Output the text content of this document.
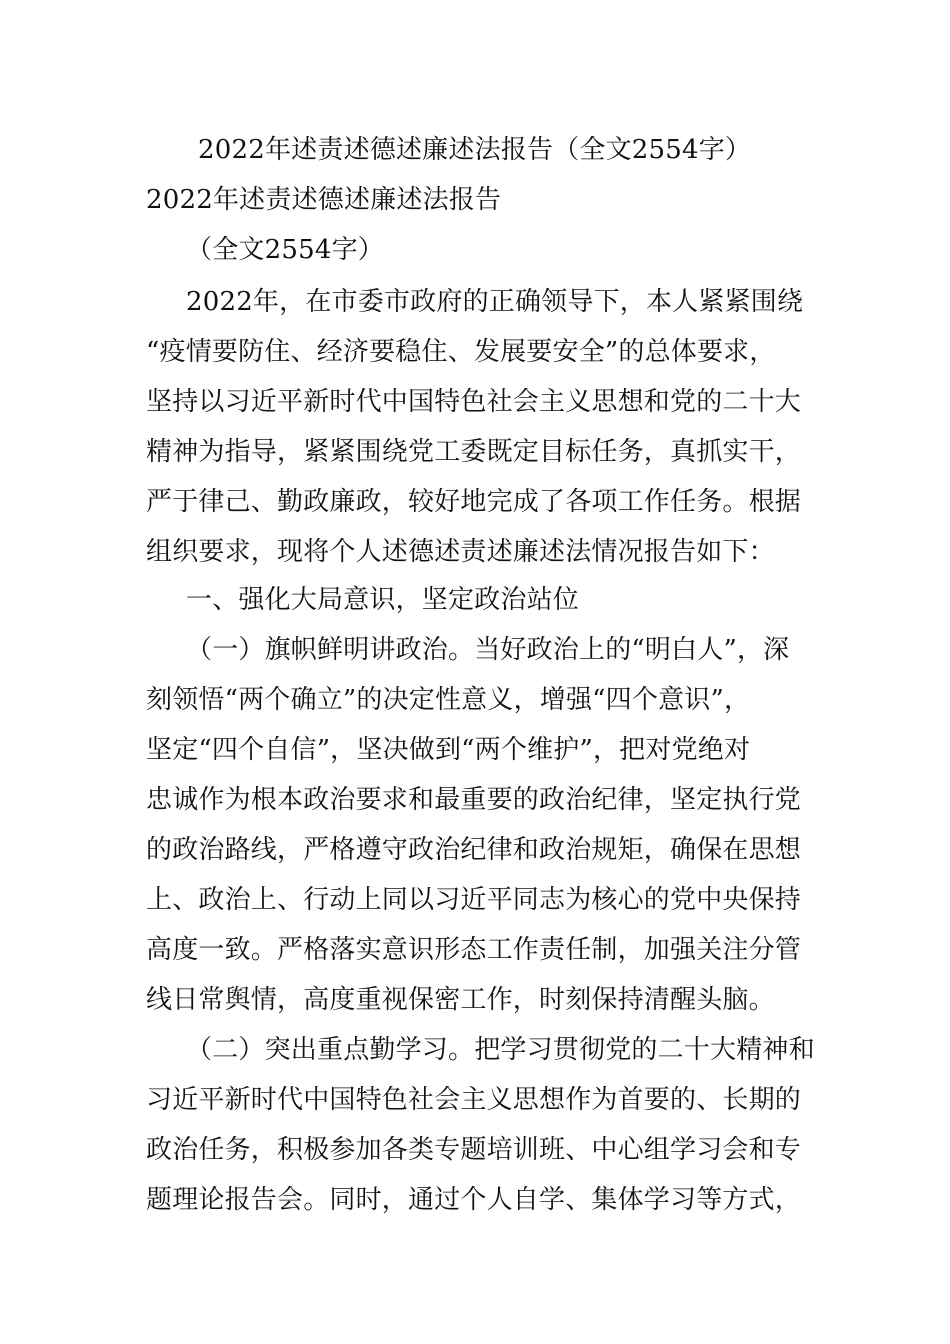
2022年述责述德述廉述法报告（全文2554字）
2022年述责述德述廉述法报告
（全文2554字）
2022年，在市委市政府的正确领导下，本人紧紧围绕
“疫情要防住、经济要稳住、发展要安全”的总体要求，
坚持以习近平新时代中国特色社会主义思想和党的二十大
精神为指导，紧紧围绕党工委既定目标任务，真抓实干，
严于律己、勤政廉政，较好地完成了各项工作任务。根据
组织要求，现将个人述德述责述廉述法情况报告如下：
一、强化大局意识，坚定政治站位
（一）旗帜鲜明讲政治。当好政治上的“明白人”，深
刻领悟“两个确立”的决定性意义，增强“四个意识”，
坚定“四个自信”，坚决做到“两个维护”，把对党绝对
忠诚作为根本政治要求和最重要的政治纪律，坚定执行党
的政治路线，严格遵守政治纪律和政治规矩，确保在思想
上、政治上、行动上同以习近平同志为核心的党中央保持
高度一致。严格落实意识形态工作责任制，加强关注分管
线日常舆情，高度重视保密工作，时刻保持清醒头脑。
（二）突出重点勤学习。把学习贯彻党的二十大精神和
习近平新时代中国特色社会主义思想作为首要的、长期的
政治任务，积极参加各类专题培训班、中心组学习会和专
题理论报告会。同时，通过个人自学、集体学习等方式，
